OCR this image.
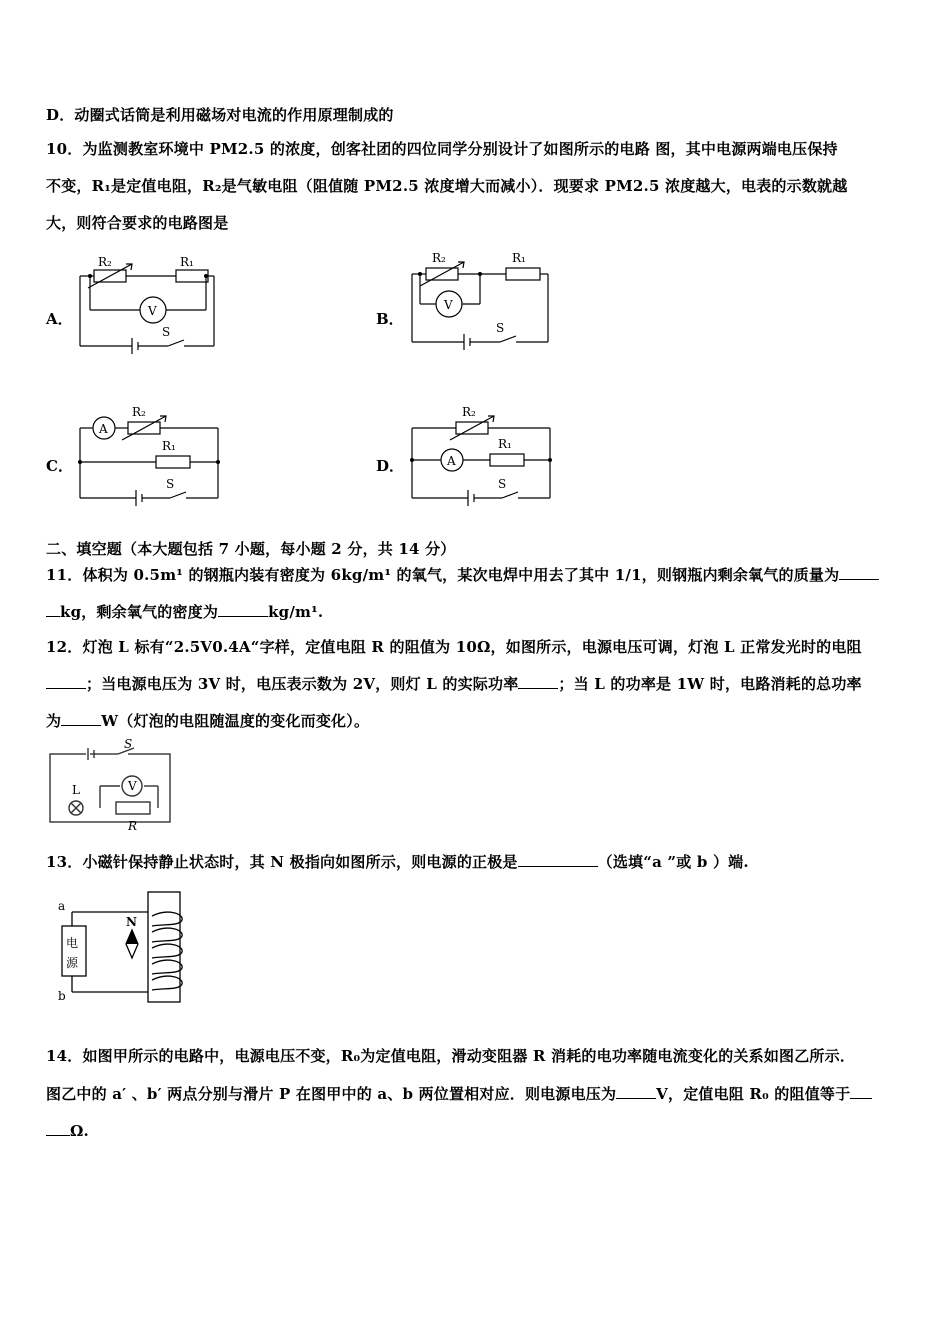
D．动圈式话筒是利用磁场对电流的作用原理制成的
10．为监测教室环境中 PM2.5 的浓度，创客社团的四位同学分别设计了如图所示的电路 图，其中电源两端电压保持
不变，R₁是定值电阻，R₂是气敏电阻（阻值随 PM2.5 浓度增大而减小）．现要求 PM2.5 浓度越大，电表的示数就越
大，则符合要求的电路图是
A．	B．
C．	D．
R₂	R₁
V
S
R₂	R₁
V
S
A
R₂
R₁
S
R₂
R₁
A
S
二、填空题（本大题包括 7 小题，每小题 2 分，共 14 分）
11．体积为 0.5m¹ 的钢瓶内装有密度为 6kg/m¹ 的氧气，某次电焊中用去了其中 1/1，则钢瓶内剩余氧气的质量为
kg，剩余氧气的密度为	kg/m¹.
12．灯泡 L 标有“2.5V0.4A“字样，定值电阻 R 的阻值为 10Ω，如图所示，电源电压可调，灯泡 L 正常发光时的电阻
；当电源电压为 3V 时，电压表示数为 2V，则灯 L 的实际功率	；当 L 的功率是 1W 时，电路消耗的总功率
为	W（灯泡的电阻随温度的变化而变化）。
L	V
R
S
13．小磁针保持静止状态时，其 N 极指向如图所示，则电源的正极是	（选填“a ”或 b ）端.
a
b
N
电
源
14．如图甲所示的电路中，电源电压不变，R₀为定值电阻，滑动变阻器 R 消耗的电功率随电流变化的关系如图乙所示．
图乙中的 a′ 、b′ 两点分别与滑片 P 在图甲中的 a、b 两位置相对应．则电源电压为	V，定值电阻 R₀ 的阻值等于
Ω.
